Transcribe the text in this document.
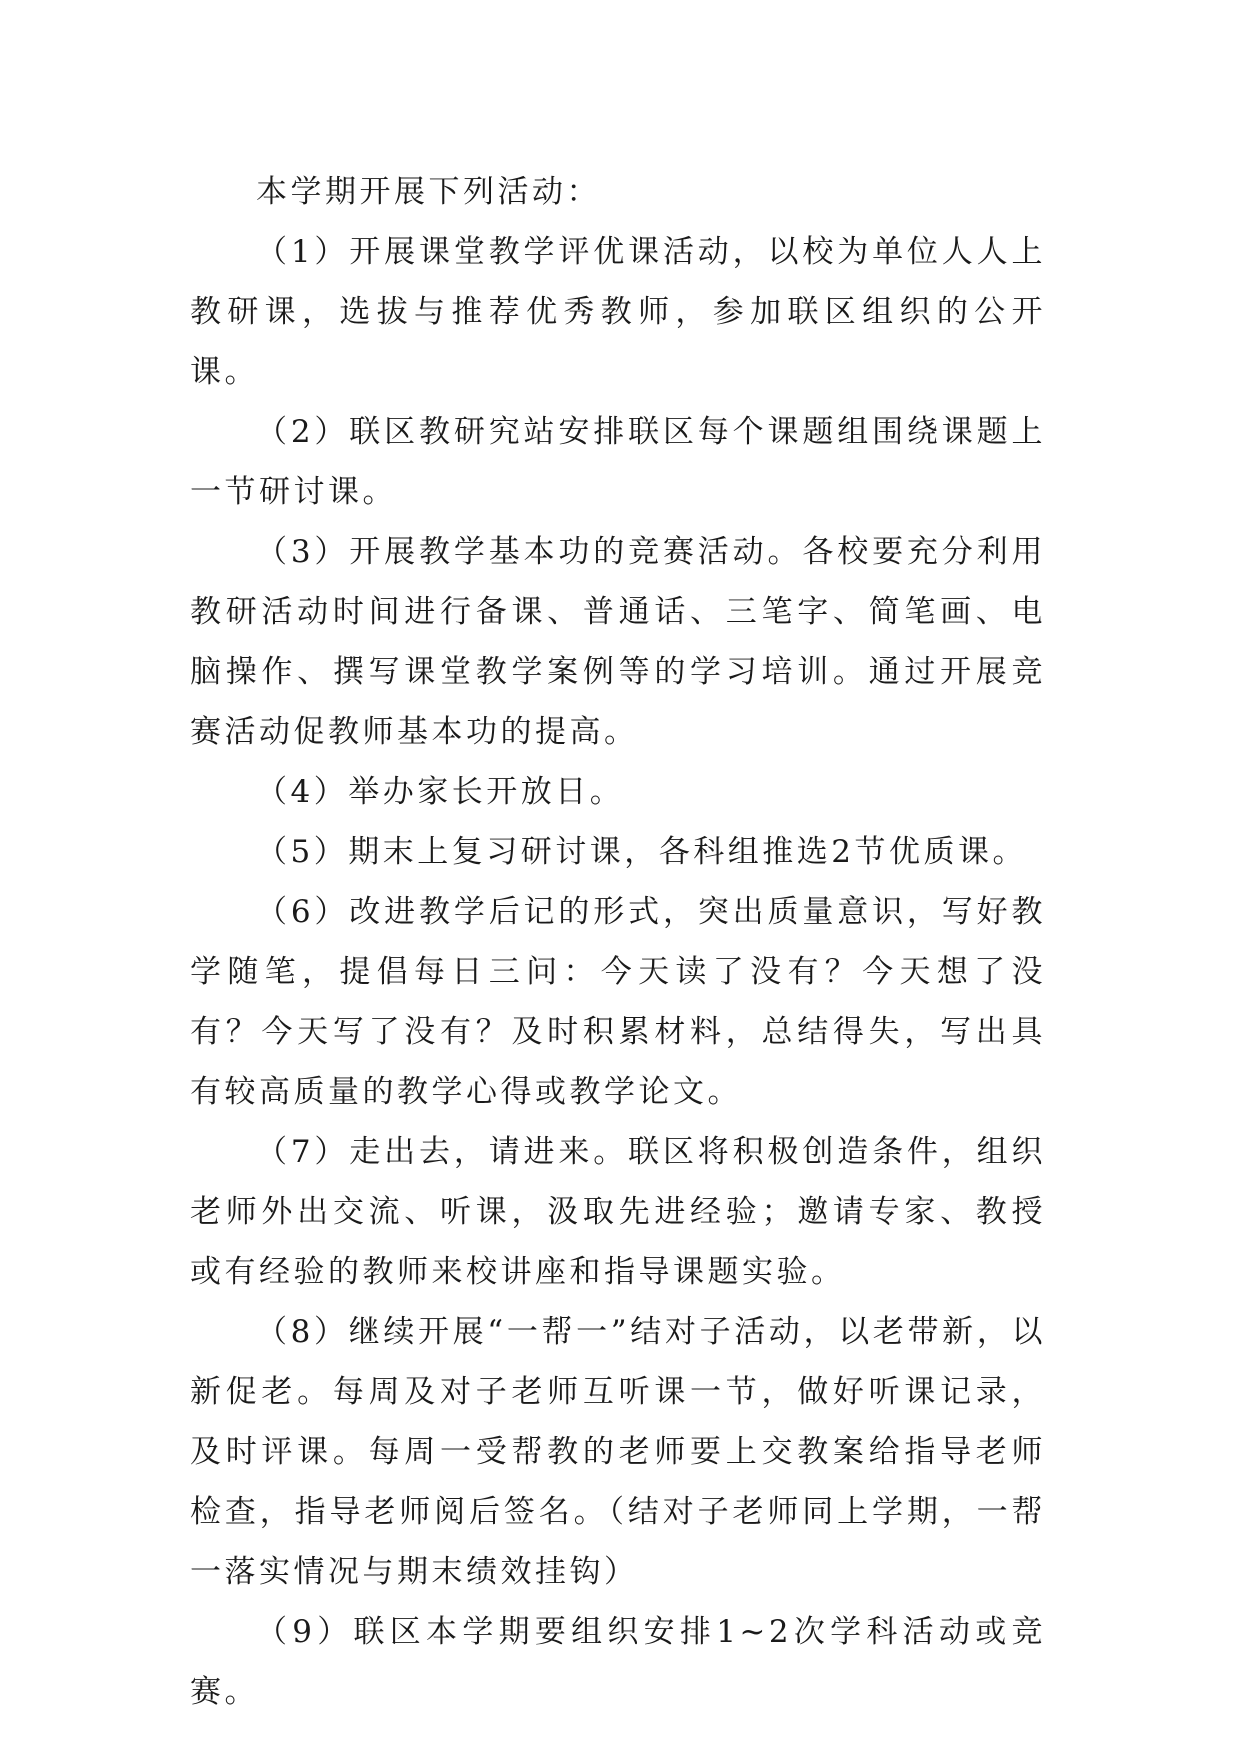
本学期开展下列活动：

（1）开展课堂教学评优课活动，以校为单位人人上教研课，选拔与推荐优秀教师，参加联区组织的公开课。

（2）联区教研究站安排联区每个课题组围绕课题上一节研讨课。

（3）开展教学基本功的竞赛活动。各校要充分利用教研活动时间进行备课、普通话、三笔字、简笔画、电脑操作、撰写课堂教学案例等的学习培训。通过开展竞赛活动促教师基本功的提高。

（4）举办家长开放日。

（5）期末上复习研讨课，各科组推选2节优质课。

（6）改进教学后记的形式，突出质量意识，写好教学随笔，提倡每日三问：今天读了没有？今天想了没有？今天写了没有？及时积累材料，总结得失，写出具有较高质量的教学心得或教学论文。

（7）走出去，请进来。联区将积极创造条件，组织老师外出交流、听课，汲取先进经验；邀请专家、教授或有经验的教师来校讲座和指导课题实验。

（8）继续开展“一帮一”结对子活动，以老带新，以新促老。每周及对子老师互听课一节，做好听课记录，及时评课。每周一受帮教的老师要上交教案给指导老师检查，指导老师阅后签名。（结对子老师同上学期，一帮一落实情况与期末绩效挂钩）

（9）联区本学期要组织安排1~2次学科活动或竞赛。
